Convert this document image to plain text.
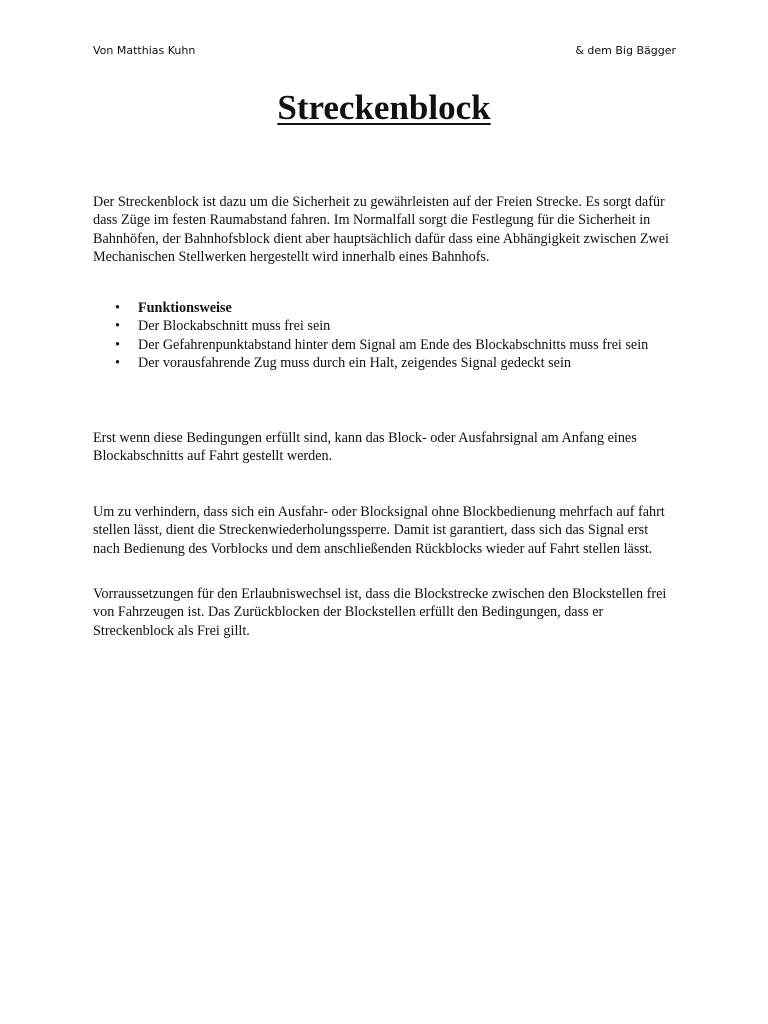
Von Matthias Kuhn	& dem Big Bägger
Streckenblock

Der Streckenblock ist dazu um die Sicherheit zu gewährleisten auf der Freien Strecke. Es sorgt dafür dass Züge im festen Raumabstand fahren. Im Normalfall sorgt die Festlegung für die Sicherheit in Bahnhöfen, der Bahnhofsblock dient aber hauptsächlich dafür dass eine Abhängigkeit zwischen Zwei Mechanischen Stellwerken hergestellt wird innerhalb eines Bahnhofs.

• Funktionsweise
• Der Blockabschnitt muss frei sein
• Der Gefahrenpunktabstand hinter dem Signal am Ende des Blockabschnitts muss frei sein
• Der vorausfahrende Zug muss durch ein Halt, zeigendes Signal gedeckt sein

Erst wenn diese Bedingungen erfüllt sind, kann das Block- oder Ausfahrsignal am Anfang eines Blockabschnitts auf Fahrt gestellt werden.

Um zu verhindern, dass sich ein Ausfahr- oder Blocksignal ohne Blockbedienung mehrfach auf fahrt stellen lässt, dient die Streckenwiederholungssperre. Damit ist garantiert, dass sich das Signal erst nach Bedienung des Vorblocks und dem anschließenden Rückblocks wieder auf Fahrt stellen lässt.

Vorraussetzungen für den Erlaubniswechsel ist, dass die Blockstrecke zwischen den Blockstellen frei von Fahrzeugen ist. Das Zurückblocken der Blockstellen erfüllt den Bedingungen, dass er Streckenblock als Frei gillt.
